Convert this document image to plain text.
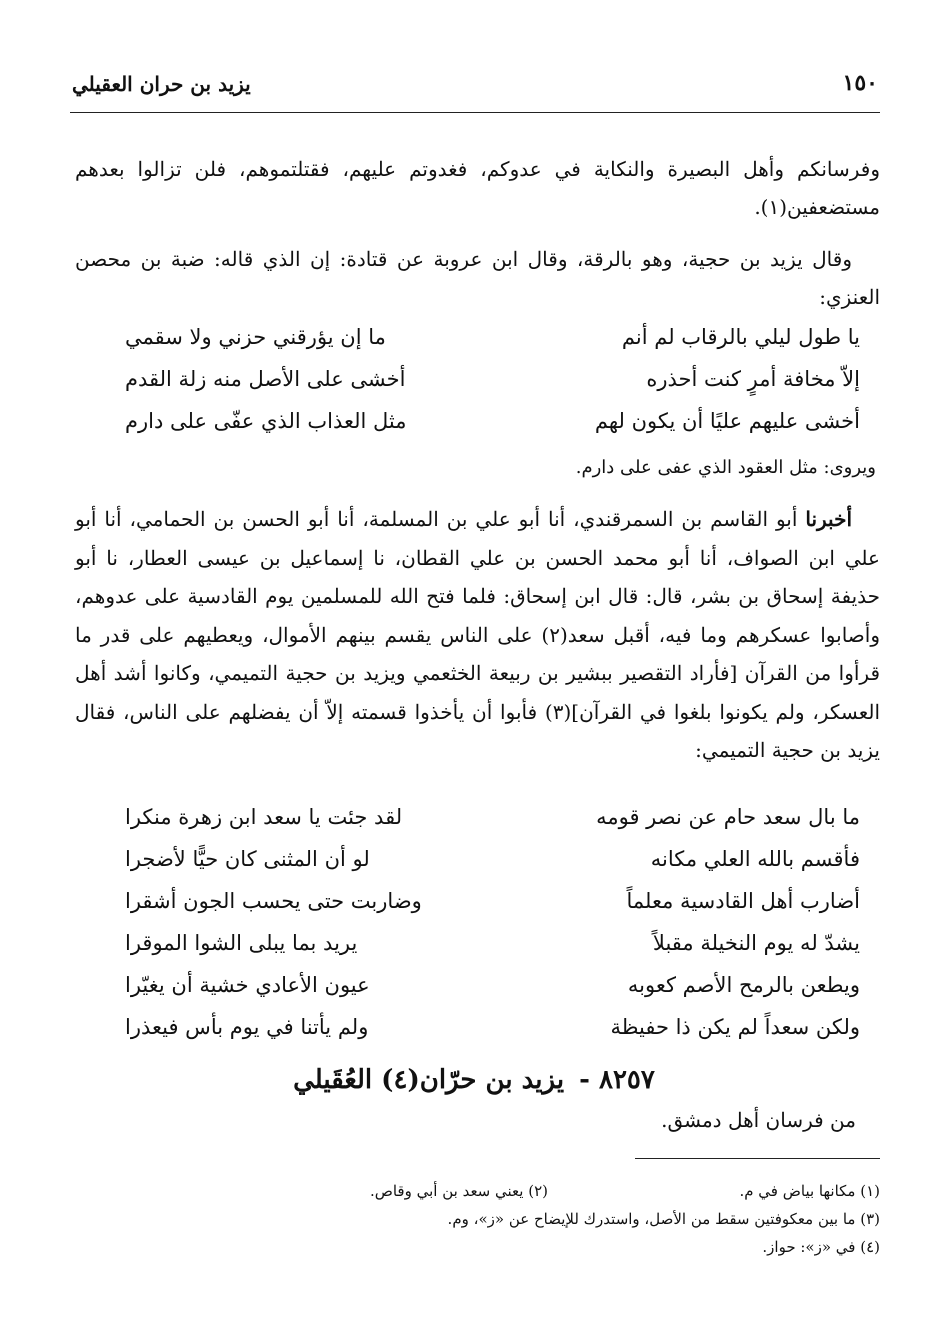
١٥٠
يزيد بن حران العقيلي
وفرسانكم وأهل البصيرة والنكاية في عدوكم، فغدوتم عليهم، فقتلتموهم، فلن تزالوا بعدهم مستضعفين(١).
وقال يزيد بن حجية، وهو بالرقة، وقال ابن عروبة عن قتادة: إن الذي قاله: ضبة بن محصن العنزي:
يا طول ليلي بالرقاب لم أنم
ما إن يؤرقني حزني ولا سقمي
إلاّ مخافة أمرٍ كنت أحذره
أخشى على الأصل منه زلة القدم
أخشى عليهم عليًا أن يكون لهم
مثل العذاب الذي عفّى على دارم
ويروى: مثل العقود الذي عفى على دارم.
أخبرنا أبو القاسم بن السمرقندي، أنا أبو علي بن المسلمة، أنا أبو الحسن بن الحمامي، أنا أبو علي ابن الصواف، أنا أبو محمد الحسن بن علي القطان، نا إسماعيل بن عيسى العطار، نا أبو حذيفة إسحاق بن بشر، قال: قال ابن إسحاق: فلما فتح الله للمسلمين يوم القادسية على عدوهم، وأصابوا عسكرهم وما فيه، أقبل سعد(٢) على الناس يقسم بينهم الأموال، ويعطيهم على قدر ما قرأوا من القرآن [فأراد التقصير ببشير بن ربيعة الخثعمي ويزيد بن حجية التميمي، وكانوا أشد أهل العسكر، ولم يكونوا بلغوا في القرآن](٣) فأبوا أن يأخذوا قسمته إلاّ أن يفضلهم على الناس، فقال يزيد بن حجية التميمي:
ما بال سعد حام عن نصر قومه
لقد جئت يا سعد ابن زهرة منكرا
فأقسم بالله العلي مكانه
لو أن المثنى كان حيًّا لأضجرا
أضارب أهل القادسية معلماً
وضاربت حتى يحسب الجون أشقرا
يشدّ له يوم النخيلة مقبلاً
يريد بما يبلى الشوا الموقرا
ويطعن بالرمح الأصم كعوبه
عيون الأعادي خشية أن يغيّرا
ولكن سعداً لم يكن ذا حفيظة
ولم يأتنا في يوم بأس فيعذرا
٨٢٥٧ - يزيد بن حرّان(٤) العُقَيلي
من فرسان أهل دمشق.
(١) مكانها بياض في م.
(٢) يعني سعد بن أبي وقاص.
(٣) ما بين معكوفتين سقط من الأصل، واستدرك للإيضاح عن «ز»، وم.
(٤) في «ز»: حواز.
